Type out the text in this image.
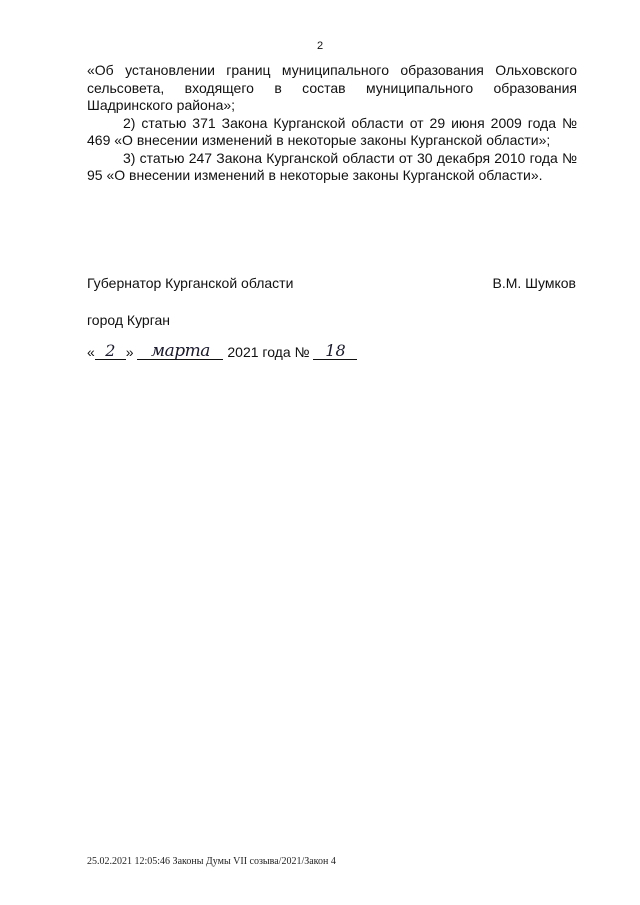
2

«Об установлении границ муниципального образования Ольховского сельсовета, входящего в состав муниципального образования Шадринского района»;

2) статью 371 Закона Курганской области от 29 июня 2009 года № 469 «О внесении изменений в некоторые законы Курганской области»;

3) статью 247 Закона Курганской области от 30 декабря 2010 года № 95 «О внесении изменений в некоторые законы Курганской области».

Губернатор Курганской области	В.М. Шумков
город Курган
« 2 »
	марта
	2021 года №
18
25.02.2021 12:05:46 Законы Думы VII созыва/2021/Закон 4
